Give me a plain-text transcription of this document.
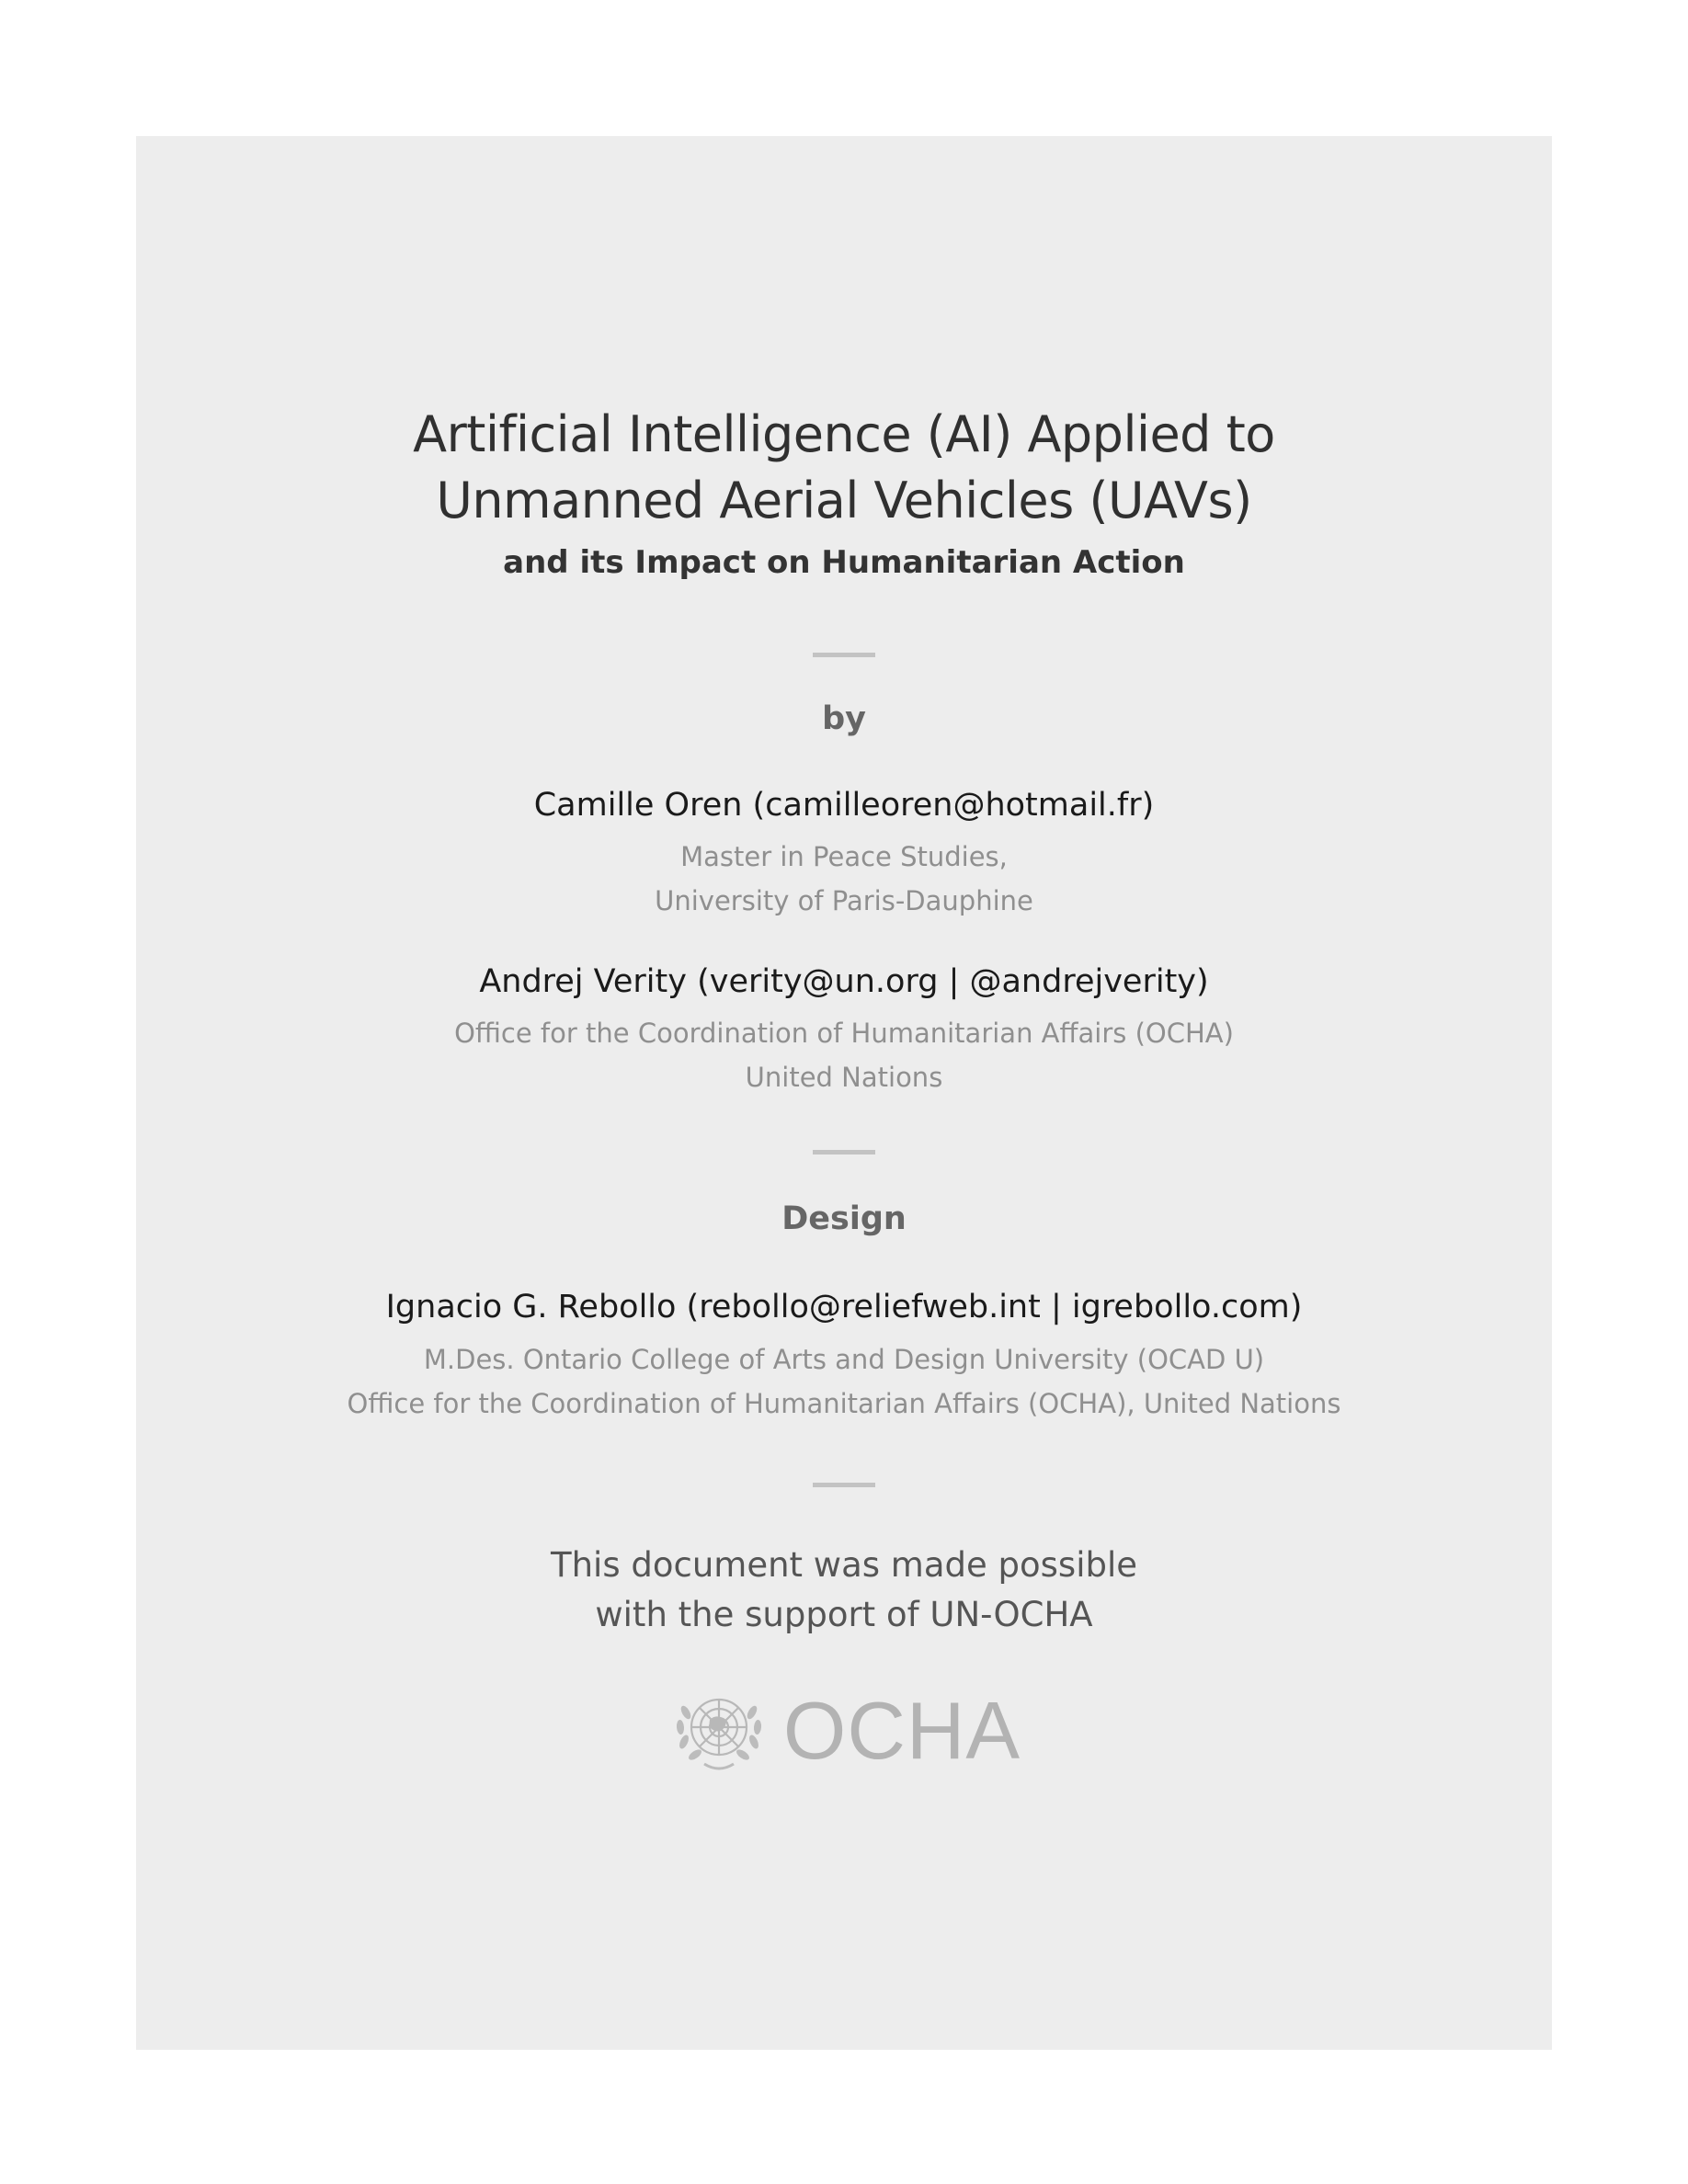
Artificial Intelligence (AI) Applied to
Unmanned Aerial Vehicles (UAVs)
and its Impact on Humanitarian Action
by
Camille Oren (camilleoren@hotmail.fr)
Master in Peace Studies,
University of Paris-Dauphine
Andrej Verity (verity@un.org | @andrejverity)
Office for the Coordination of Humanitarian Affairs (OCHA)
United Nations
Design
Ignacio G. Rebollo (rebollo@reliefweb.int | igrebollo.com)
M.Des. Ontario College of Arts and Design University (OCAD U)
Office for the Coordination of Humanitarian Affairs (OCHA), United Nations
This document was made possible
with the support of UN-OCHA
OCHA
